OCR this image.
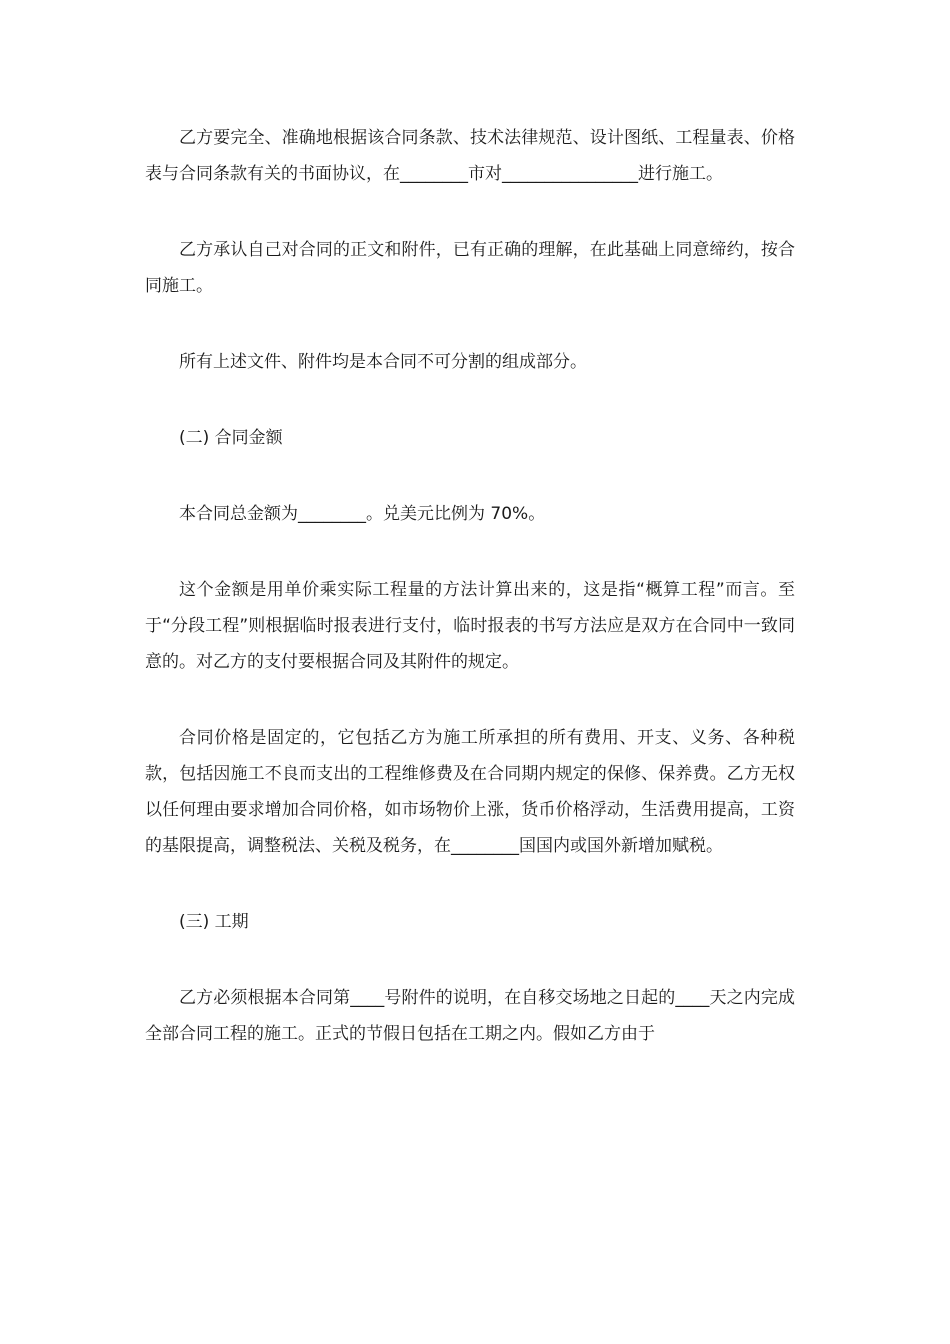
乙方要完全、准确地根据该合同条款、技术法律规范、设计图纸、工程量表、价格表与合同条款有关的书面协议，在________市对________________进行施工。

乙方承认自己对合同的正文和附件，已有正确的理解，在此基础上同意缔约，按合同施工。

所有上述文件、附件均是本合同不可分割的组成部分。

(二) 合同金额

本合同总金额为________。兑美元比例为 70%。

这个金额是用单价乘实际工程量的方法计算出来的，这是指“概算工程”而言。至于“分段工程”则根据临时报表进行支付，临时报表的书写方法应是双方在合同中一致同意的。对乙方的支付要根据合同及其附件的规定。

合同价格是固定的，它包括乙方为施工所承担的所有费用、开支、义务、各种税款，包括因施工不良而支出的工程维修费及在合同期内规定的保修、保养费。乙方无权以任何理由要求增加合同价格，如市场物价上涨，货币价格浮动，生活费用提高，工资的基限提高，调整税法、关税及税务，在________国国内或国外新增加赋税。

(三) 工期

乙方必须根据本合同第____号附件的说明，在自移交场地之日起的____天之内完成全部合同工程的施工。正式的节假日包括在工期之内。假如乙方由于
